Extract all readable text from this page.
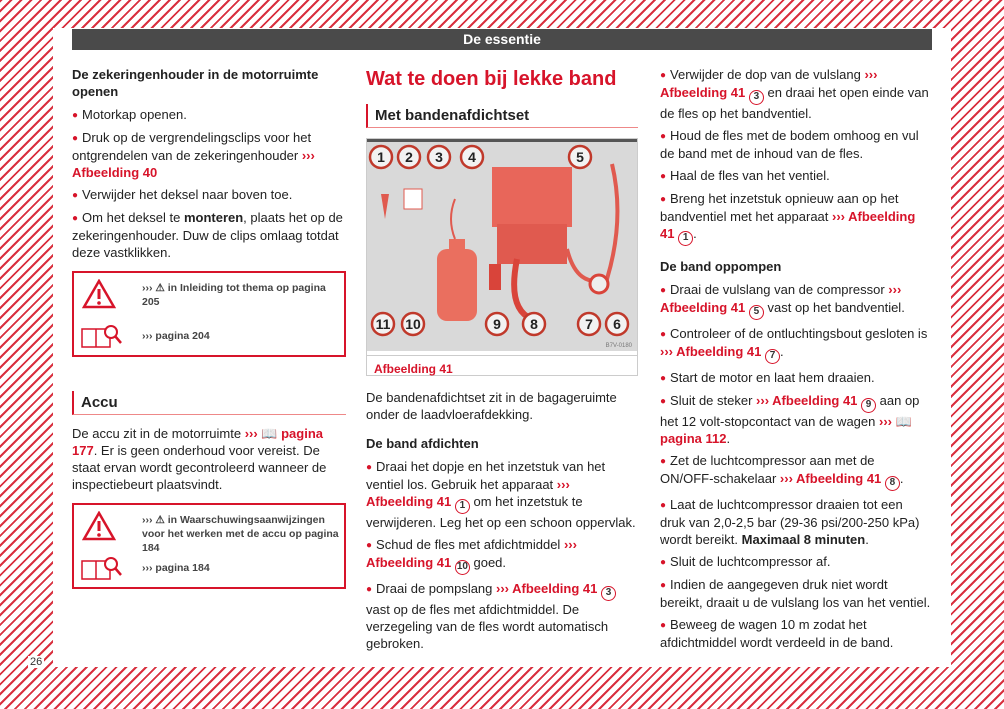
De essentie
26
De zekeringenhouder in de motorruimte openen

● Motorkap openen.

● Druk op de vergrendelingsclips voor het ontgrendelen van de zekeringenhouder ››› Afbeelding 40

● Verwijder het deksel naar boven toe.

● Om het deksel te monteren, plaats het op de zekeringenhouder. Duw de clips omlaag totdat deze vastklikken.

››› ⚠ in Inleiding tot thema op pagina 205
››› pagina 204
Accu

De accu zit in de motorruimte ››› 📖 pagina 177. Er is geen onderhoud voor vereist. De staat ervan wordt gecontroleerd wanneer de inspectiebeurt plaatsvindt.

››› ⚠ in Waarschuwingsaanwijzingen voor het werken met de accu op pagina 184
››› pagina 184
Wat te doen bij lekke band
Met bandenafdichtset
1 2 3 4	5
6
7
8
9
10
11
B7V-0180
Afbeelding 41

De bandenafdichtset zit in de bagageruimte onder de laadvloerafdekking.

De band afdichten

● Draai het dopje en het inzetstuk van het ventiel los. Gebruik het apparaat ››› Afbeelding 41 1 om het inzetstuk te verwijderen. Leg het op een schoon oppervlak.

● Schud de fles met afdichtmiddel ››› Afbeelding 41 10 goed.

● Draai de pompslang ››› Afbeelding 41 3 vast op de fles met afdichtmiddel. De verzegeling van de fles wordt automatisch gebroken.

● Verwijder de dop van de vulslang ››› Afbeelding 41 3 en draai het open einde van de fles op het bandventiel.

● Houd de fles met de bodem omhoog en vul de band met de inhoud van de fles.

● Haal de fles van het ventiel.

● Breng het inzetstuk opnieuw aan op het bandventiel met het apparaat ››› Afbeelding 41 1 .

De band oppompen

● Draai de vulslang van de compressor ››› Afbeelding 41 5 vast op het bandventiel.

● Controleer of de ontluchtingsbout gesloten is ››› Afbeelding 41 7 .

● Start de motor en laat hem draaien.

● Sluit de steker ››› Afbeelding 41 9 aan op het 12 volt-stopcontact van de wagen ››› 📖 pagina 112.

● Zet de luchtcompressor aan met de ON/OFF-schakelaar ››› Afbeelding 41 8 .

● Laat de luchtcompressor draaien tot een druk van 2,0-2,5 bar (29-36 psi/200-250 kPa) wordt bereikt. Maximaal 8 minuten.

● Sluit de luchtcompressor af.

● Indien de aangegeven druk niet wordt bereikt, draait u de vulslang los van het ventiel.

● Beweeg de wagen 10 m zodat het afdichtmiddel wordt verdeeld in de band.
